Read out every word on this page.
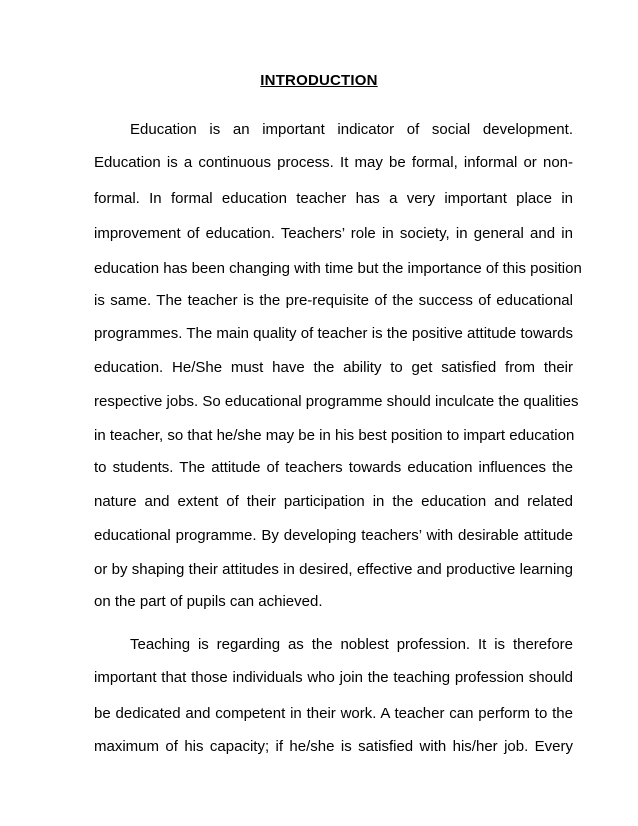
INTRODUCTION
Education is an important indicator of social development.
Education is a continuous process. It may be formal, informal or non-
formal. In formal education teacher has a very important place in
improvement of education. Teachers’ role in society, in general and in
education has been changing with time but the importance of this position
is same. The teacher is the pre-requisite of the success of educational
programmes. The main quality of teacher is the positive attitude towards
education. He/She must have the ability to get satisfied from their
respective jobs. So educational programme should inculcate the qualities
in teacher, so that he/she may be in his best position to impart education
to students. The attitude of teachers towards education influences the
nature and extent of their participation in the education and related
educational programme. By developing teachers’ with desirable attitude
or by shaping their attitudes in desired, effective and productive learning
on the part of pupils can achieved.
Teaching is regarding as the noblest profession. It is therefore
important that those individuals who join the teaching profession should
be dedicated and competent in their work. A teacher can perform to the
maximum of his capacity; if he/she is satisfied with his/her job. Every
